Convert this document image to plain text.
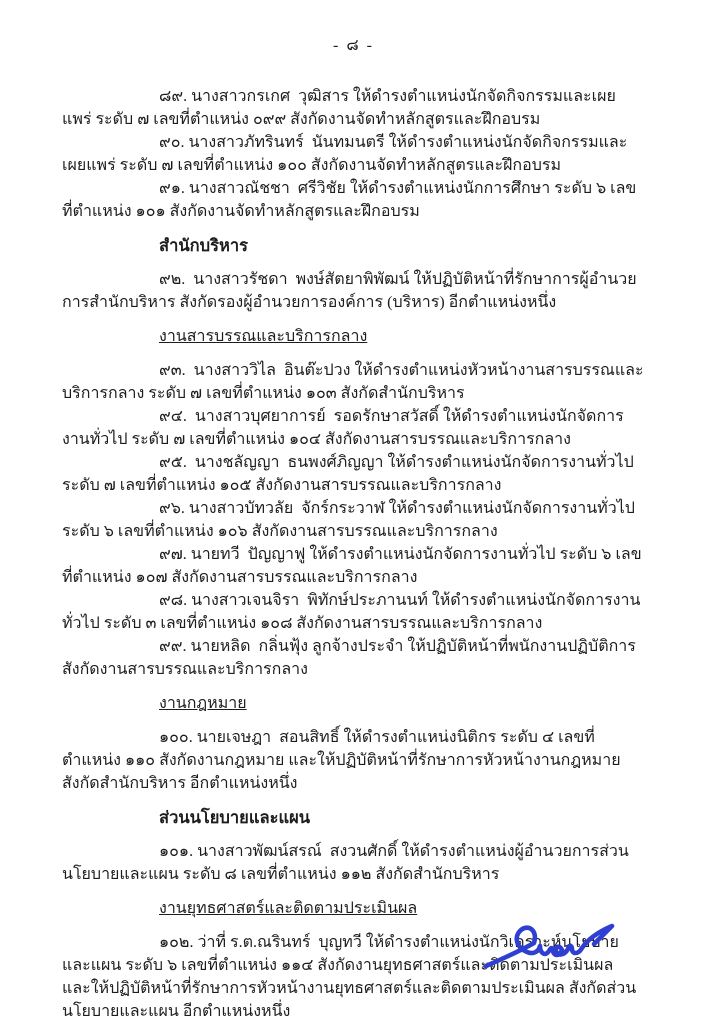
- ๘ -

๘๙. นางสาวกรเกศ  วุฒิสาร ให้ดำรงตำแหน่งนักจัดกิจกรรมและเผยแพร่ ระดับ ๗ เลขที่ตำแหน่ง ๐๙๙ สังกัดงานจัดทำหลักสูตรและฝึกอบรม

๙๐. นางสาวภัทรินทร์  นันทมนตรี ให้ดำรงตำแหน่งนักจัดกิจกรรมและเผยแพร่ ระดับ ๗ เลขที่ตำแหน่ง ๑๐๐ สังกัดงานจัดทำหลักสูตรและฝึกอบรม

๙๑. นางสาวณัชชา  ศรีวิชัย ให้ดำรงตำแหน่งนักการศึกษา ระดับ ๖ เลขที่ตำแหน่ง ๑๐๑ สังกัดงานจัดทำหลักสูตรและฝึกอบรม

สำนักบริหาร

๙๒.  นางสาวรัชดา  พงษ์สัตยาพิพัฒน์ ให้ปฏิบัติหน้าที่รักษาการผู้อำนวยการสำนักบริหาร สังกัดรองผู้อำนวยการองค์การ (บริหาร) อีกตำแหน่งหนึ่ง

งานสารบรรณและบริการกลาง

๙๓.  นางสาววิไล  อินต๊ะปวง ให้ดำรงตำแหน่งหัวหน้างานสารบรรณและบริการกลาง ระดับ ๗ เลขที่ตำแหน่ง ๑๐๓ สังกัดสำนักบริหาร

๙๔.  นางสาวบุศยาการย์  รอดรักษาสวัสดิ์ ให้ดำรงตำแหน่งนักจัดการงานทั่วไป ระดับ ๗ เลขที่ตำแหน่ง ๑๐๔ สังกัดงานสารบรรณและบริการกลาง

๙๕.  นางชลัญญา  ธนพงศ์ภิญญา ให้ดำรงตำแหน่งนักจัดการงานทั่วไป ระดับ ๗ เลขที่ตำแหน่ง ๑๐๕ สังกัดงานสารบรรณและบริการกลาง

๙๖. นางสาวบัทวลัย  จักร์กระวาฬ ให้ดำรงตำแหน่งนักจัดการงานทั่วไป ระดับ ๖ เลขที่ตำแหน่ง ๑๐๖ สังกัดงานสารบรรณและบริการกลาง

๙๗. นายทวี  ปัญญาฟู ให้ดำรงตำแหน่งนักจัดการงานทั่วไป ระดับ ๖ เลขที่ตำแหน่ง ๑๐๗ สังกัดงานสารบรรณและบริการกลาง

๙๘. นางสาวเจนจิรา  พิทักษ์ประภานนท์ ให้ดำรงตำแหน่งนักจัดการงานทั่วไป ระดับ ๓ เลขที่ตำแหน่ง ๑๐๘ สังกัดงานสารบรรณและบริการกลาง

๙๙. นายหลิด  กลิ่นฟุ้ง ลูกจ้างประจำ ให้ปฏิบัติหน้าที่พนักงานปฏิบัติการ สังกัดงานสารบรรณและบริการกลาง

งานกฎหมาย

๑๐๐. นายเจษฎา  สอนสิทธิ์ ให้ดำรงตำแหน่งนิติกร ระดับ ๔ เลขที่ตำแหน่ง ๑๑๐ สังกัดงานกฎหมาย และให้ปฏิบัติหน้าที่รักษาการหัวหน้างานกฎหมาย สังกัดสำนักบริหาร อีกตำแหน่งหนึ่ง

ส่วนนโยบายและแผน

๑๐๑. นางสาวพัฒน์สรณ์  สงวนศักดิ์ ให้ดำรงตำแหน่งผู้อำนวยการส่วนนโยบายและแผน ระดับ ๘ เลขที่ตำแหน่ง ๑๑๒ สังกัดสำนักบริหาร

งานยุทธศาสตร์และติดตามประเมินผล

๑๐๒. ว่าที่ ร.ต.ณรินทร์  บุญทวี ให้ดำรงตำแหน่งนักวิเคราะห์นโยบายและแผน ระดับ ๖ เลขที่ตำแหน่ง ๑๑๔ สังกัดงานยุทธศาสตร์และติดตามประเมินผล และให้ปฏิบัติหน้าที่รักษาการหัวหน้างานยุทธศาสตร์และติดตามประเมินผล สังกัดส่วนนโยบายและแผน อีกตำแหน่งหนึ่ง
